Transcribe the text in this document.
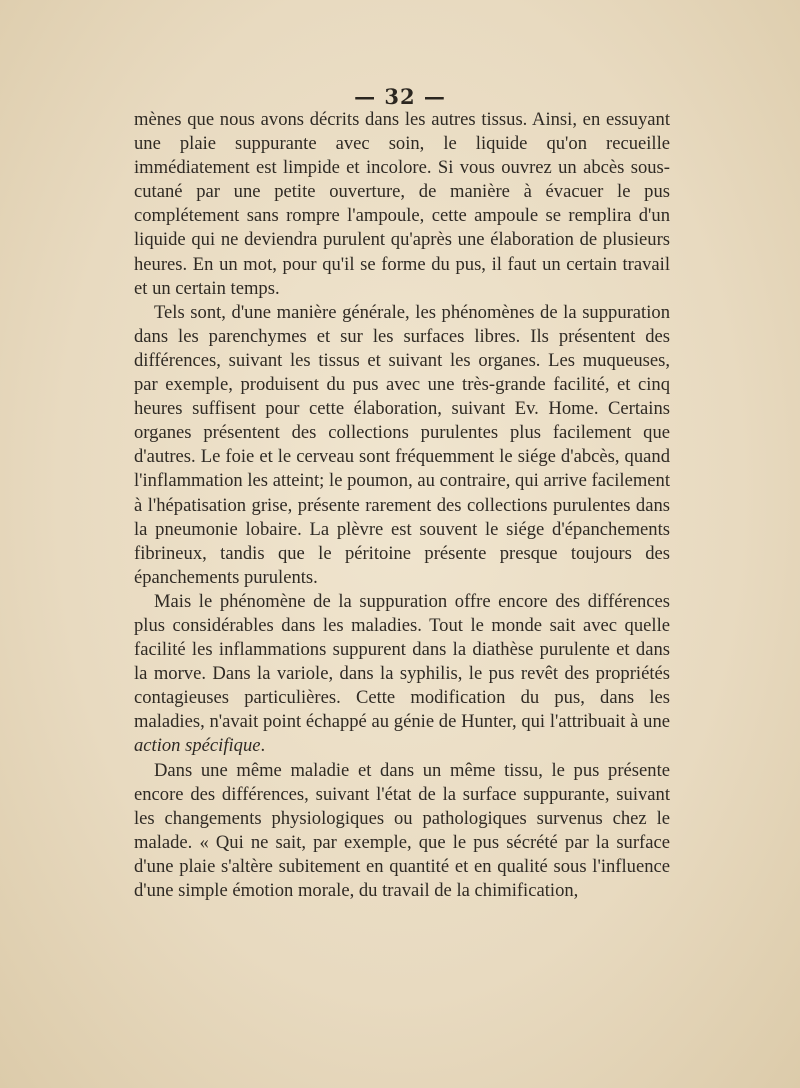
— 32 —

mènes que nous avons décrits dans les autres tissus. Ainsi, en essuyant une plaie suppurante avec soin, le liquide qu'on recueille immédiatement est limpide et incolore. Si vous ouvrez un abcès sous-cutané par une petite ouverture, de manière à évacuer le pus complétement sans rompre l'ampoule, cette ampoule se remplira d'un liquide qui ne deviendra purulent qu'après une élaboration de plusieurs heures. En un mot, pour qu'il se forme du pus, il faut un certain travail et un certain temps.

Tels sont, d'une manière générale, les phénomènes de la suppuration dans les parenchymes et sur les surfaces libres. Ils présentent des différences, suivant les tissus et suivant les organes. Les muqueuses, par exemple, produisent du pus avec une très-grande facilité, et cinq heures suffisent pour cette élaboration, suivant Ev. Home. Certains organes présentent des collections purulentes plus facilement que d'autres. Le foie et le cerveau sont fréquemment le siége d'abcès, quand l'inflammation les atteint; le poumon, au contraire, qui arrive facilement à l'hépatisation grise, présente rarement des collections purulentes dans la pneumonie lobaire. La plèvre est souvent le siége d'épanchements fibrineux, tandis que le péritoine présente presque toujours des épanchements purulents.

Mais le phénomène de la suppuration offre encore des différences plus considérables dans les maladies. Tout le monde sait avec quelle facilité les inflammations suppurent dans la diathèse purulente et dans la morve. Dans la variole, dans la syphilis, le pus revêt des propriétés contagieuses particulières. Cette modification du pus, dans les maladies, n'avait point échappé au génie de Hunter, qui l'attribuait à une action spécifique.

Dans une même maladie et dans un même tissu, le pus présente encore des différences, suivant l'état de la surface suppurante, suivant les changements physiologiques ou pathologiques survenus chez le malade. « Qui ne sait, par exemple, que le pus sécrété par la surface d'une plaie s'altère subitement en quantité et en qualité sous l'influence d'une simple émotion morale, du travail de la chimification,
